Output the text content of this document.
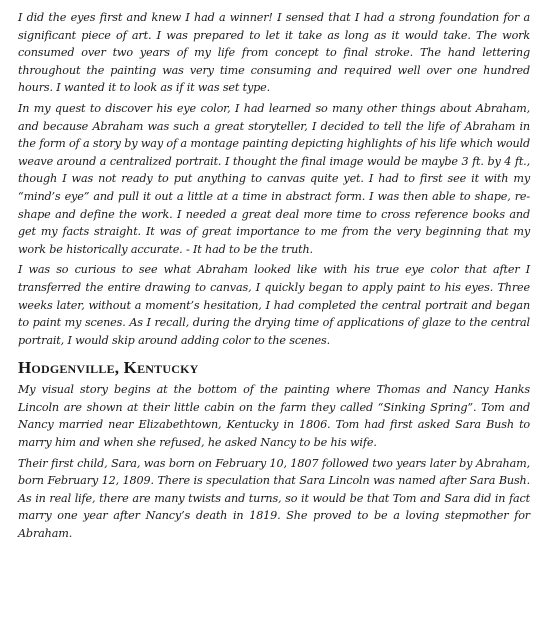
I did the eyes first and knew I had a winner! I sensed that I had a strong foundation for a significant piece of art. I was prepared to let it take as long as it would take. The work consumed over two years of my life from concept to final stroke. The hand lettering throughout the painting was very time consuming and required well over one hundred hours. I wanted it to look as if it was set type.

In my quest to discover his eye color, I had learned so many other things about Abraham, and because Abraham was such a great storyteller, I decided to tell the life of Abraham in the form of a story by way of a montage painting depicting highlights of his life which would weave around a centralized portrait. I thought the final image would be maybe 3 ft. by 4 ft., though I was not ready to put anything to canvas quite yet. I had to first see it with my “mind’s eye” and pull it out a little at a time in abstract form. I was then able to shape, re-shape and define the work. I needed a great deal more time to cross reference books and get my facts straight. It was of great importance to me from the very beginning that my work be historically accurate. - It had to be the truth.

I was so curious to see what Abraham looked like with his true eye color that after I transferred the entire drawing to canvas, I quickly began to apply paint to his eyes. Three weeks later, without a moment’s hesitation, I had completed the central portrait and began to paint my scenes. As I recall, during the drying time of applications of glaze to the central portrait, I would skip around adding color to the scenes.

Hodgenville, Kentucky

My visual story begins at the bottom of the painting where Thomas and Nancy Hanks Lincoln are shown at their little cabin on the farm they called “Sinking Spring”. Tom and Nancy married near Elizabethtown, Kentucky in 1806. Tom had first asked Sara Bush to marry him and when she refused, he asked Nancy to be his wife.

Their first child, Sara, was born on February 10, 1807 followed two years later by Abraham, born February 12, 1809. There is speculation that Sara Lincoln was named after Sara Bush. As in real life, there are many twists and turns, so it would be that Tom and Sara did in fact marry one year after Nancy’s death in 1819. She proved to be a loving stepmother for Abraham.
